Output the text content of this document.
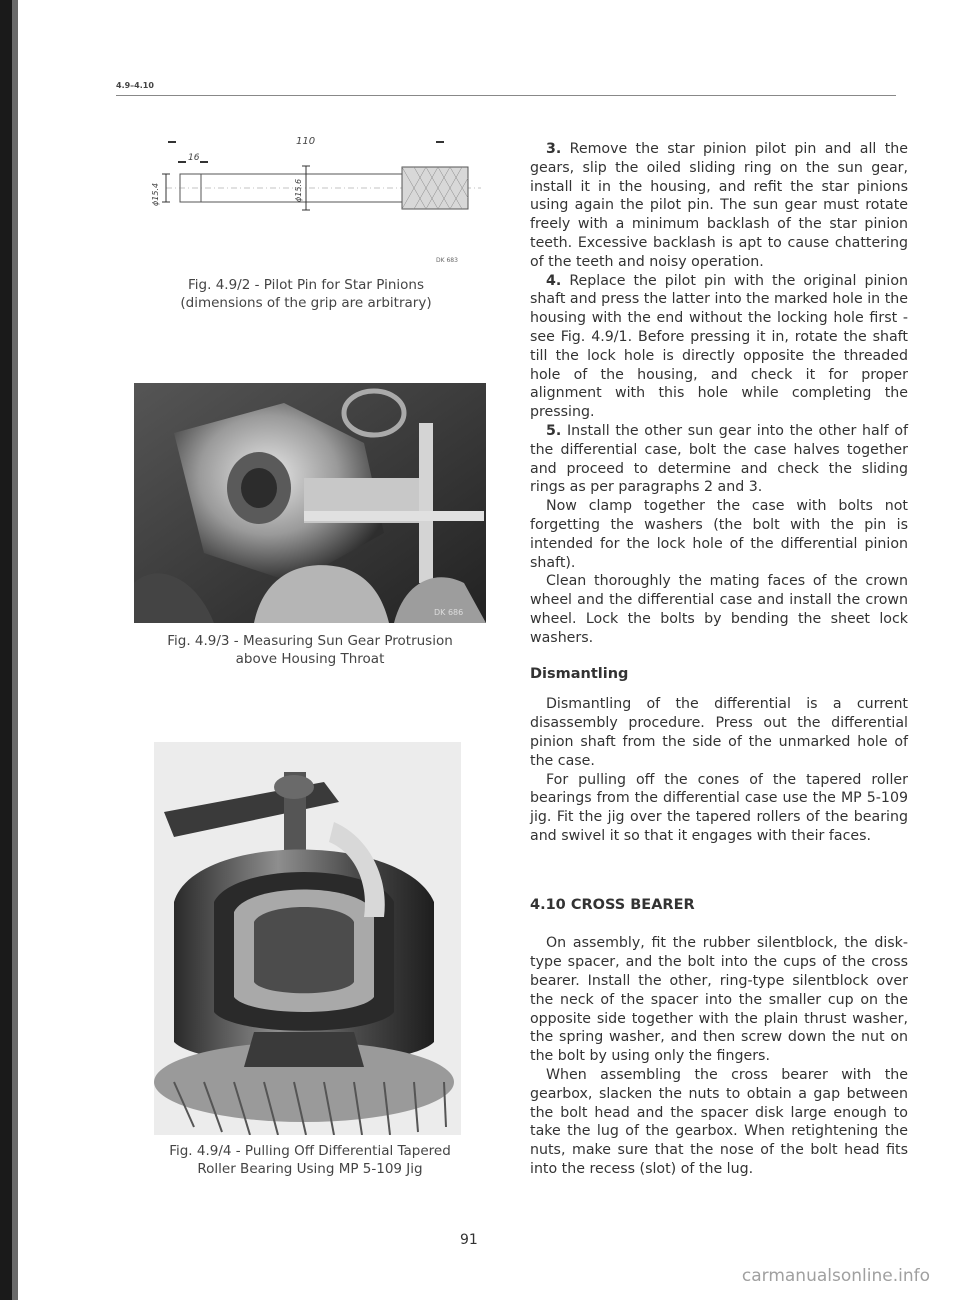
4.9–4.10
110
16
ϕ15.4	ϕ15.6
DK 683
Fig. 4.9/2 - Pilot Pin for Star Pinions
(dimensions of the grip are arbitrary)
DK 686
Fig. 4.9/3 - Measuring Sun Gear Protrusion
above Housing Throat
Fig. 4.9/4 - Pulling Off Differential Tapered
Roller Bearing Using MP 5-109 Jig

3. Remove the star pinion pilot pin and all the gears, slip the oiled sliding ring on the sun gear, install it in the housing, and refit the star pinions using again the pilot pin. The sun gear must rotate freely with a minimum backlash of the star pinion teeth. Excessive backlash is apt to cause chattering of the teeth and noisy operation.

4. Replace the pilot pin with the original pinion shaft and press the latter into the marked hole in the housing with the end without the locking hole first - see Fig. 4.9/1. Before pressing it in, rotate the shaft till the lock hole is directly opposite the threaded hole of the housing, and check it for proper alignment with this hole while completing the pressing.

5. Install the other sun gear into the other half of the differential case, bolt the case halves together and proceed to determine and check the sliding rings as per paragraphs 2 and 3.

Now clamp together the case with bolts not forgetting the washers (the bolt with the pin is intended for the lock hole of the differential pinion shaft).

Clean thoroughly the mating faces of the crown wheel and the differential case and install the crown wheel. Lock the bolts by bending the sheet lock washers.

Dismantling

Dismantling of the differential is a current disassembly procedure. Press out the differential pinion shaft from the side of the unmarked hole of the case.

For pulling off the cones of the tapered roller bearings from the differential case use the MP 5-109 jig. Fit the jig over the tapered rollers of the bearing and swivel it so that it engages with their faces.

4.10 CROSS BEARER

On assembly, fit the rubber silentblock, the disk-type spacer, and the bolt into the cups of the cross bearer. Install the other, ring-type silentblock over the neck of the spacer into the smaller cup on the opposite side together with the plain thrust washer, the spring washer, and then screw down the nut on the bolt by using only the fingers.

When assembling the cross bearer with the gearbox, slacken the nuts to obtain a gap between the bolt head and the spacer disk large enough to take the lug of the gearbox. When retightening the nuts, make sure that the nose of the bolt head fits into the recess (slot) of the lug.

91
carmanualsonline.info
